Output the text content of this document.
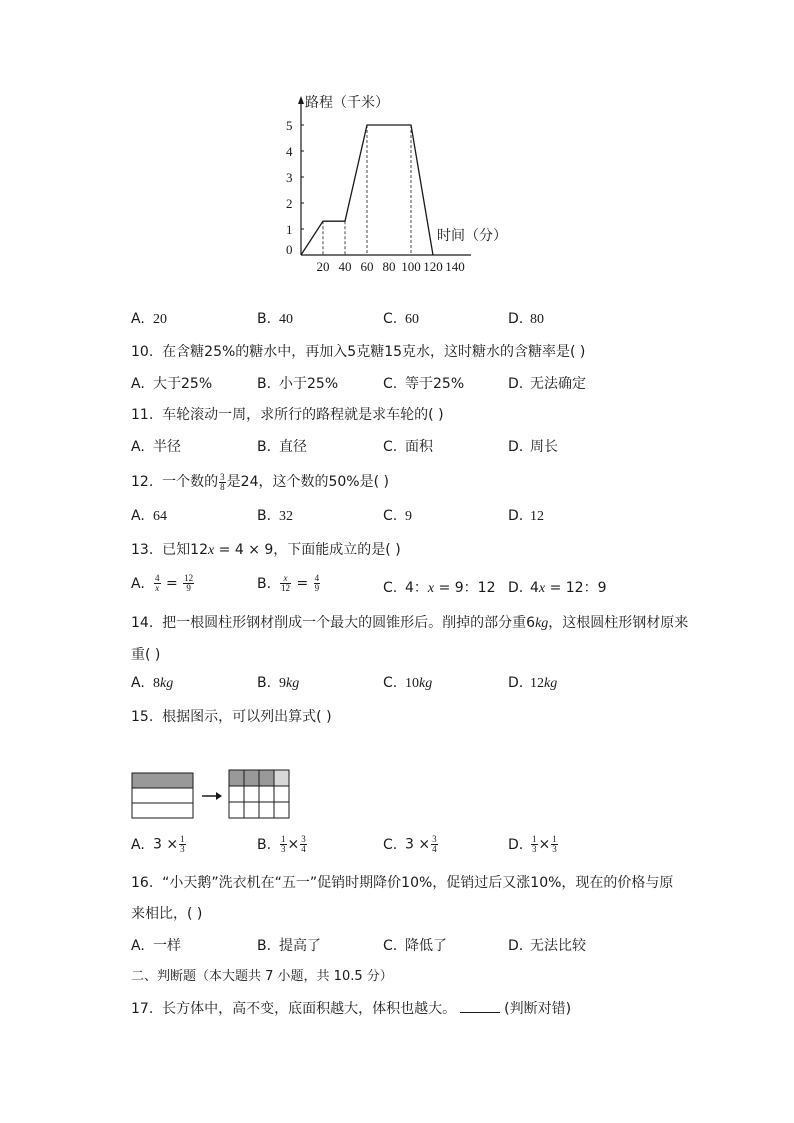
路程（千米）
时间（分）
0
1
2
3
4
5
20 40 60 80 100 120 140
A. 20	B. 40	C. 60	D. 80
10. 在含糖25%的糖水中，再加入5克糖15克水，这时糖水的含糖率是( )
A. 大于25%	B. 小于25%	C. 等于25%	D. 无法确定
11. 车轮滚动一周，求所行的路程就是求车轮的( )
A. 半径	B. 直径	C. 面积	D. 周长
12. 一个数的 $\frac{3}{8}$ 是24，这个数的50%是( )
A. 64	B. 32	C. 9	D. 12
13. 已知12x = 4 × 9，下面能成立的是( )
A. $\frac{4}{x} = \frac{12}{9}$	B. $\frac{x}{12} = \frac{4}{9}$	C. 4：x = 9：12 D. 4x = 12：9
14. 把一根圆柱形钢材削成一个最大的圆锥形后。削掉的部分重6kg，这根圆柱形钢材原来
重( )
A. 8kg	B. 9kg	C. 10kg	D. 12kg
15. 根据图示，可以列出算式( )
A. $3 \times \frac{1}{3}$	B. $\frac{1}{3} \times \frac{3}{4}$	C. $3 \times \frac{3}{4}$	D. $\frac{1}{3} \times \frac{1}{3}$
16. “小天鹅”洗衣机在“五一”促销时期降价10%，促销过后又涨10%，现在的价格与原
来相比，( )
A. 一样	B. 提高了	C. 降低了	D. 无法比较
二、判断题（本大题共 7 小题，共 10.5 分）
17. 长方体中，高不变，底面积越大，体积也越大。	(判断对错)
